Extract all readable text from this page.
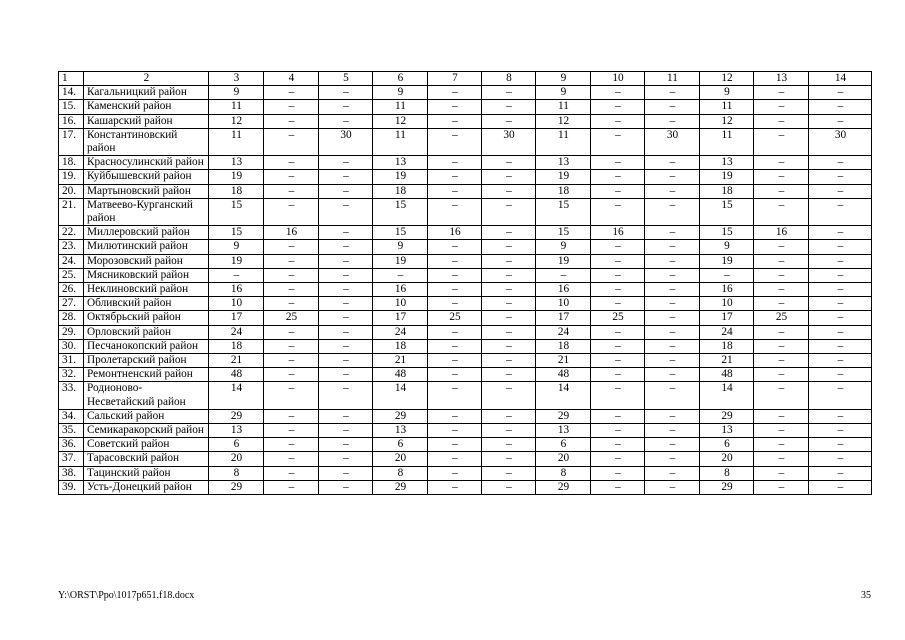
1	2	3	4	5	6	7	8	9	10	11	12	13	14
14.	Кагальницкий район	9	–	–	9	–	–	9	–	–	9	–	–
15.	Каменский район	11	–	–	11	–	–	11	–	–	11	–	–
16.	Кашарский район	12	–	–	12	–	–	12	–	–	12	–	–
17.	Константиновский район	11	–	30	11	–	30	11	–	30	11	–	30
18.	Красносулинский район	13	–	–	13	–	–	13	–	–	13	–	–
19.	Куйбышевский район	19	–	–	19	–	–	19	–	–	19	–	–
20.	Мартыновский район	18	–	–	18	–	–	18	–	–	18	–	–
21.	Матвеево-Курганский район	15	–	–	15	–	–	15	–	–	15	–	–
22.	Миллеровский район	15	16	–	15	16	–	15	16	–	15	16	–
23.	Милютинский район	9	–	–	9	–	–	9	–	–	9	–	–
24.	Морозовский район	19	–	–	19	–	–	19	–	–	19	–	–
25.	Мясниковский район	–	–	–	–	–	–	–	–	–	–	–	–
26.	Неклиновский район	16	–	–	16	–	–	16	–	–	16	–	–
27.	Обливский район	10	–	–	10	–	–	10	–	–	10	–	–
28.	Октябрьский район	17	25	–	17	25	–	17	25	–	17	25	–
29.	Орловский район	24	–	–	24	–	–	24	–	–	24	–	–
30.	Песчанокопский район	18	–	–	18	–	–	18	–	–	18	–	–
31.	Пролетарский район	21	–	–	21	–	–	21	–	–	21	–	–
32.	Ремонтненский район	48	–	–	48	–	–	48	–	–	48	–	–
33.	Родионово-Несветайский район	14	–	–	14	–	–	14	–	–	14	–	–
34.	Сальский район	29	–	–	29	–	–	29	–	–	29	–	–
35.	Семикаракорский район	13	–	–	13	–	–	13	–	–	13	–	–
36.	Советский район	6	–	–	6	–	–	6	–	–	6	–	–
37.	Тарасовский район	20	–	–	20	–	–	20	–	–	20	–	–
38.	Тацинский район	8	–	–	8	–	–	8	–	–	8	–	–
39.	Усть-Донецкий район	29	–	–	29	–	–	29	–	–	29	–	–
Y:\ORST\Ppo\1017p651.f18.docx	35
